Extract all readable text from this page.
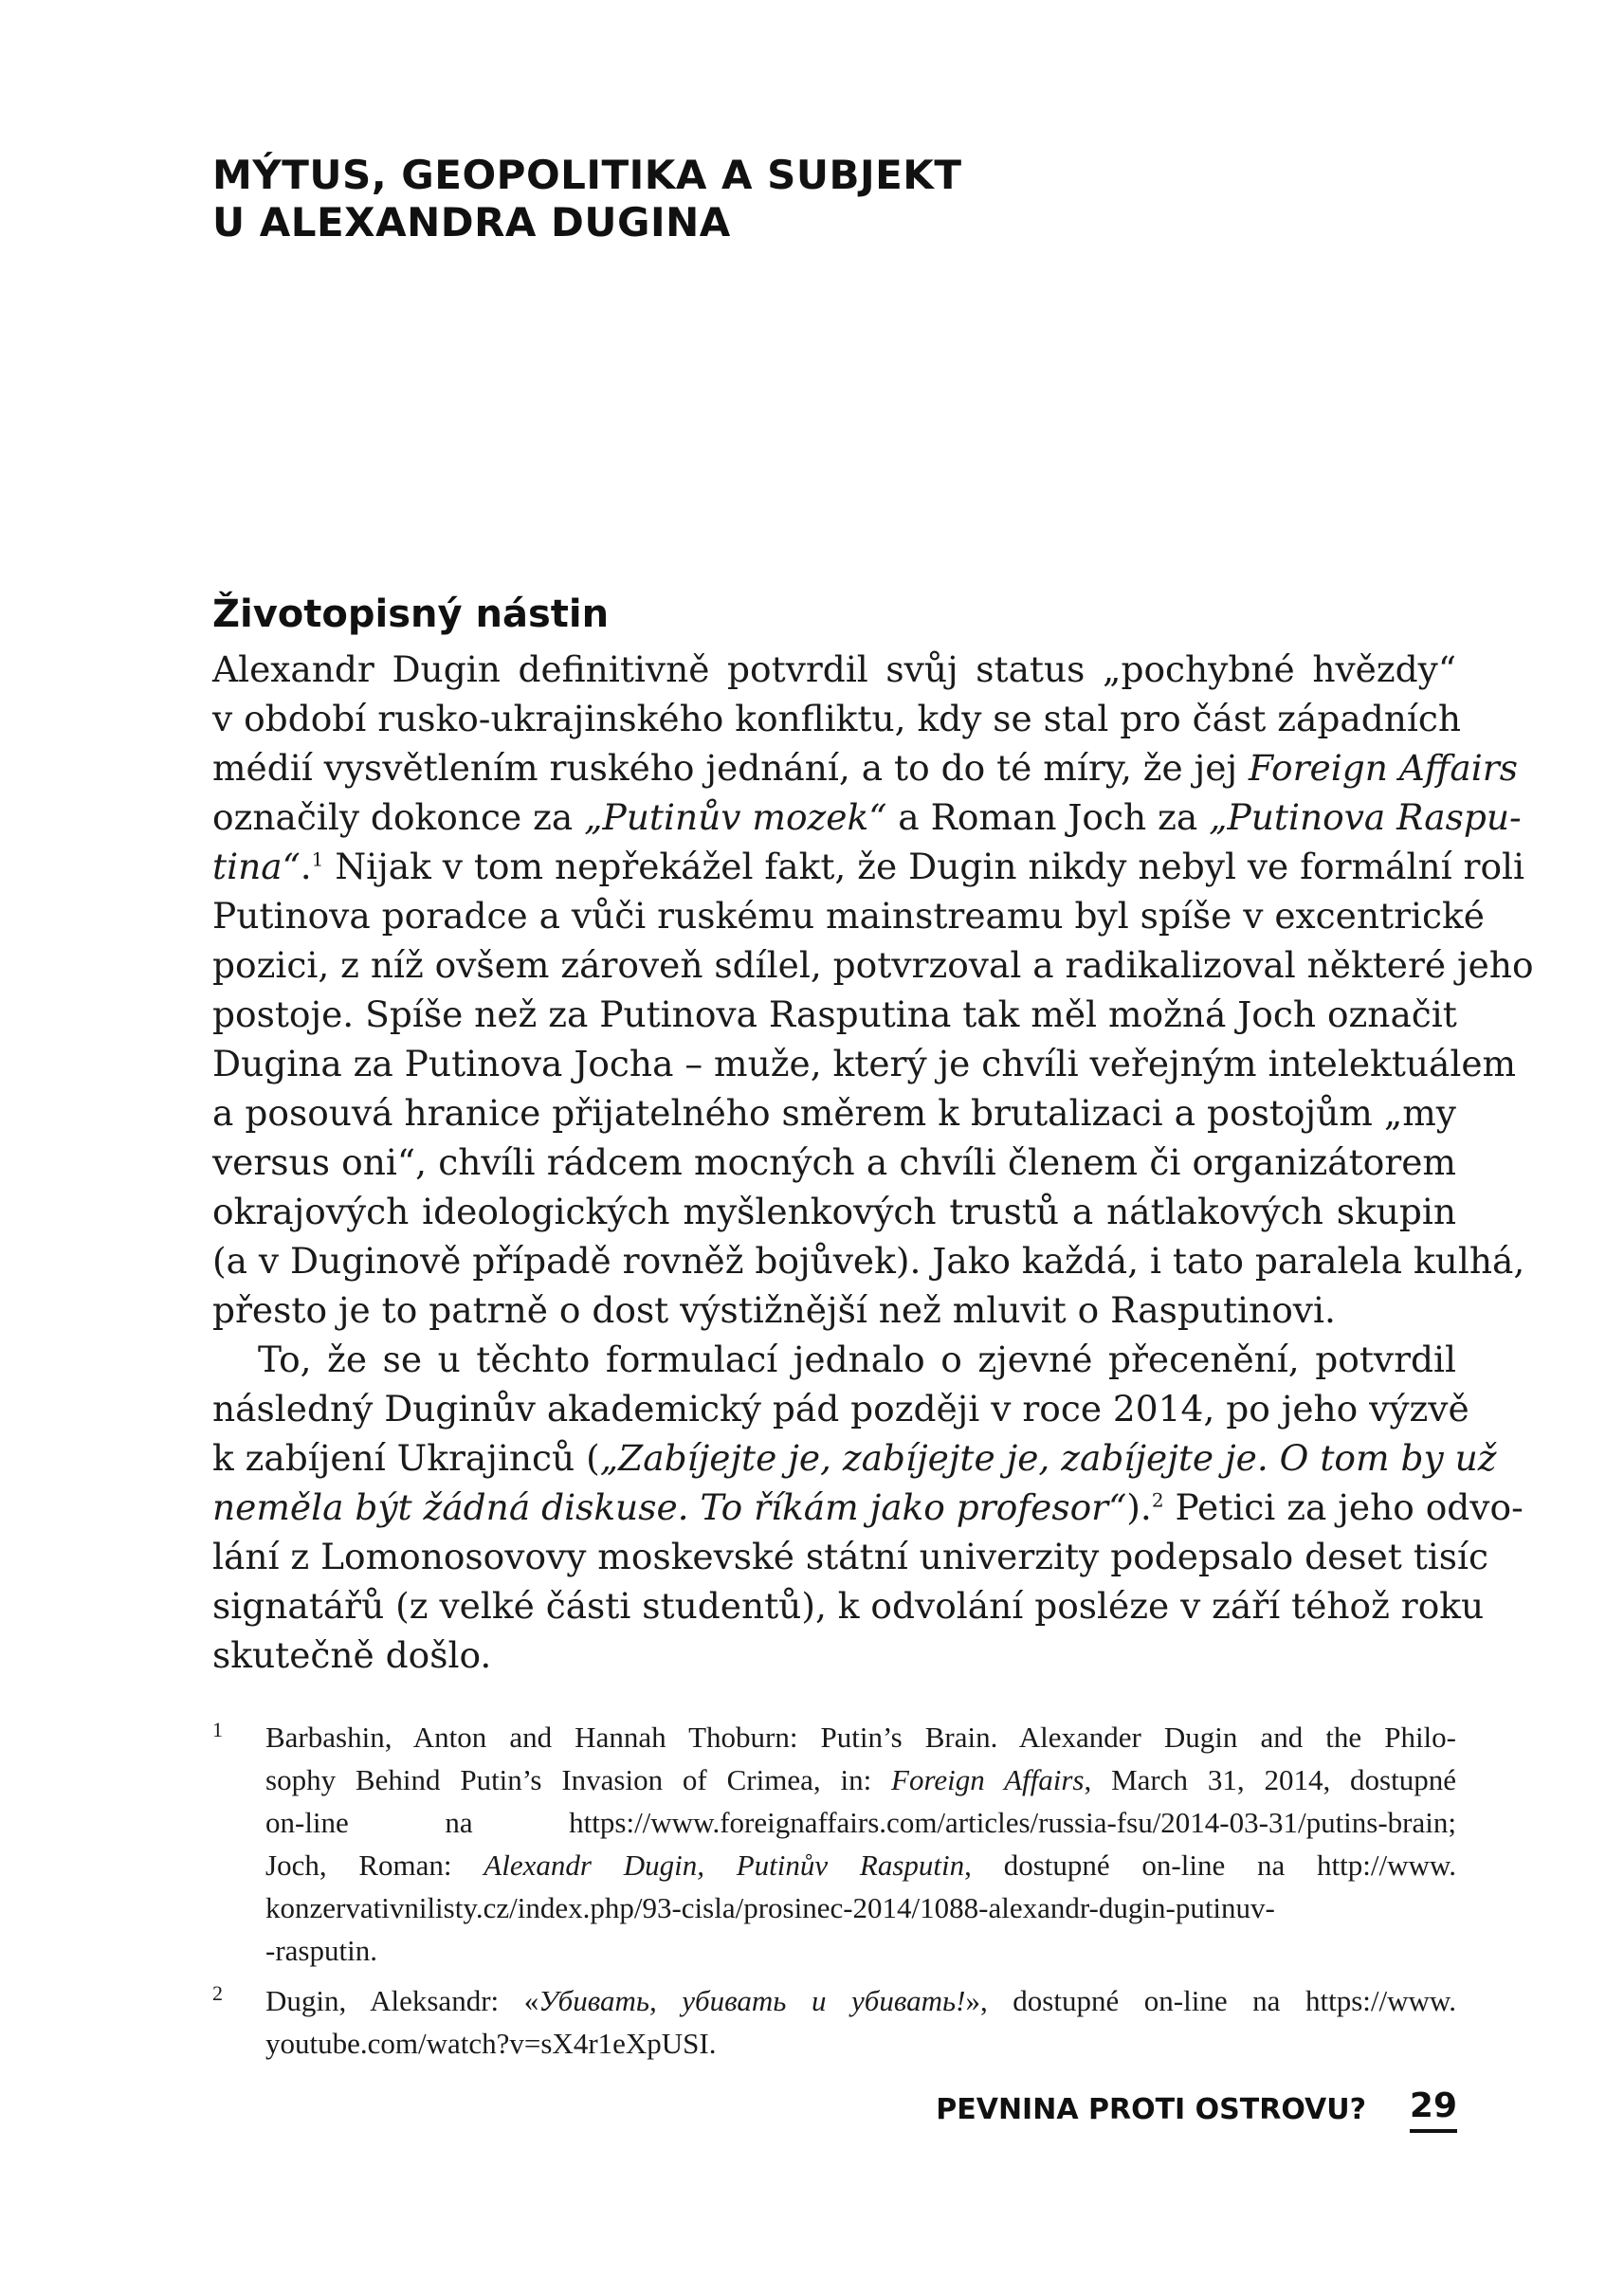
MÝTUS, GEOPOLITIKA A SUBJEKT
U ALEXANDRA DUGINA
Životopisný nástin
Alexandr Dugin definitivně potvrdil svůj status „pochybné hvězdy“
v období rusko-ukrajinského konfliktu, kdy se stal pro část západních
médií vysvětlením ruského jednání, a to do té míry, že jej Foreign Affairs
označily dokonce za „Putinův mozek“ a Roman Joch za „Putinova Raspu-
tina“.$^1$ Nijak v tom nepřekážel fakt, že Dugin nikdy nebyl ve formální roli
Putinova poradce a vůči ruskému mainstreamu byl spíše v excentrické
pozici, z níž ovšem zároveň sdílel, potvrzoval a radikalizoval některé jeho
postoje. Spíše než za Putinova Rasputina tak měl možná Joch označit
Dugina za Putinova Jocha – muže, který je chvíli veřejným intelektuálem
a posouvá hranice přijatelného směrem k brutalizaci a postojům „my
versus oni“, chvíli rádcem mocných a chvíli členem či organizátorem
okrajových ideologických myšlenkových trustů a nátlakových skupin
(a v Duginově případě rovněž bojůvek). Jako každá, i tato paralela kulhá,
přesto je to patrně o dost výstižnější než mluvit o Rasputinovi.
To, že se u těchto formulací jednalo o zjevné přecenění, potvrdil
následný Duginův akademický pád později v roce 2014, po jeho výzvě
k zabíjení Ukrajinců („Zabíjejte je, zabíjejte je, zabíjejte je. O tom by už
neměla být žádná diskuse. To říkám jako profesor“).$^2$ Petici za jeho odvo-
lání z Lomonosovovy moskevské státní univerzity podepsalo deset tisíc
signatářů (z velké části studentů), k odvolání posléze v září téhož roku
skutečně došlo.
1 Barbashin, Anton and Hannah Thoburn: Putin’s Brain. Alexander Dugin and the Philo-
sophy Behind Putin’s Invasion of Crimea, in: Foreign Affairs, March 31, 2014, dostupné
on-line na https://www.foreignaffairs.com/articles/russia-fsu/2014-03-31/putins-brain;
Joch, Roman: Alexandr Dugin, Putinův Rasputin, dostupné on-line na http://www.
konzervativnilisty.cz/index.php/93-cisla/prosinec-2014/1088-alexandr-dugin-putinuv-
-rasputin.
2 Dugin, Aleksandr: «Убивать, убивать и убивать!», dostupné on-line na https://www.
youtube.com/watch?v=sX4r1eXpUSI.
PEVNINA PROTI OSTROVU? 29
